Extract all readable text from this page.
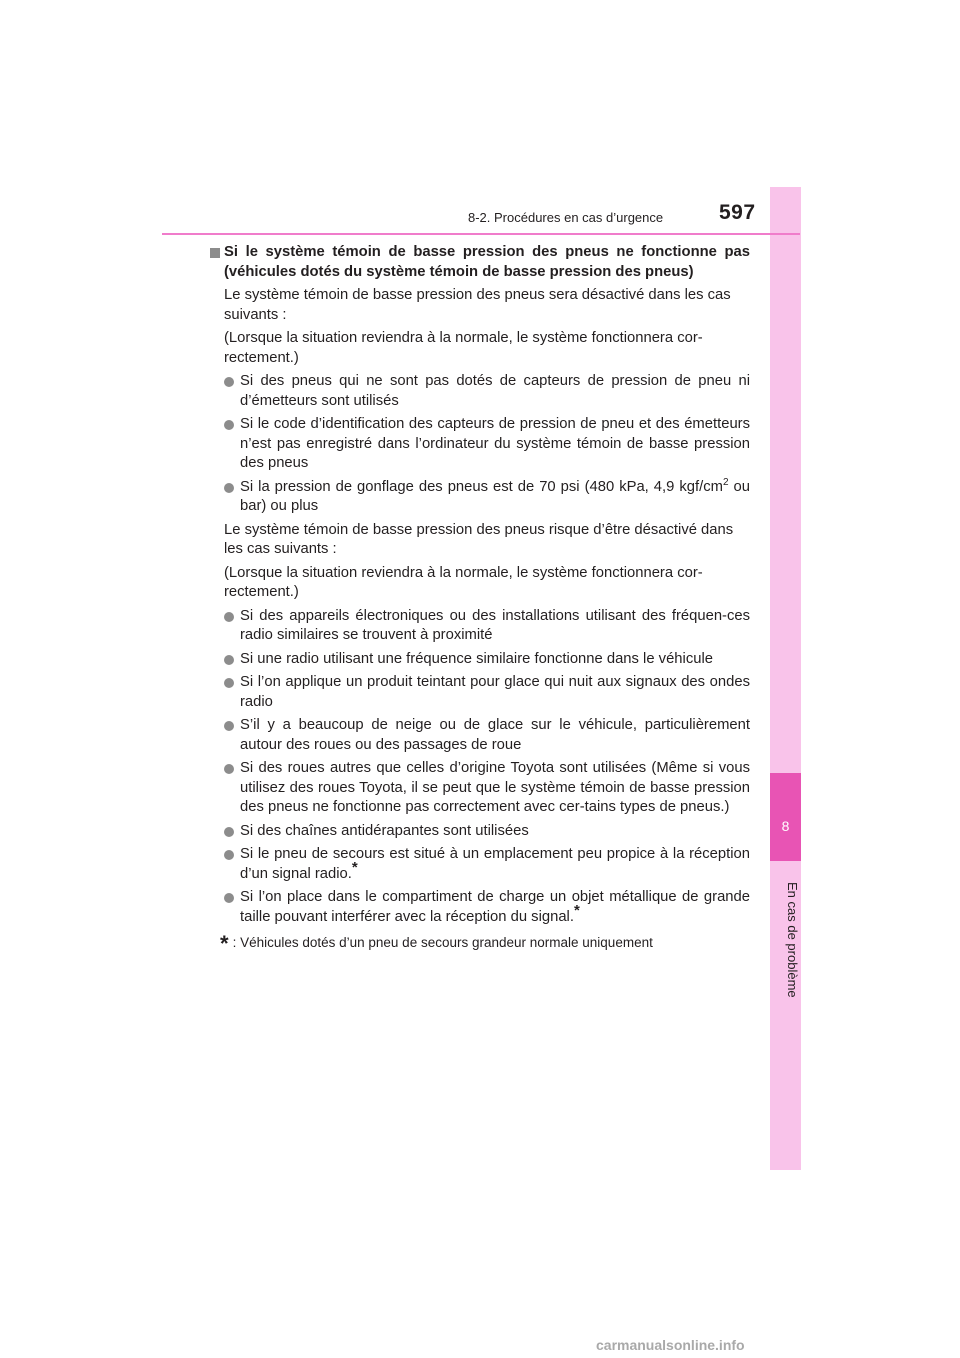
8
En cas de problème
8-2. Procédures en cas d’urgence	597
Si le système témoin de basse pression des pneus ne fonctionne pas (véhicules dotés du système témoin de basse pression des pneus)

Le système témoin de basse pression des pneus sera désactivé dans les cas suivants :

(Lorsque la situation reviendra à la normale, le système fonctionnera cor-rectement.)

Si des pneus qui ne sont pas dotés de capteurs de pression de pneu ni d’émetteurs sont utilisés
Si le code d’identification des capteurs de pression de pneu et des émetteurs n’est pas enregistré dans l’ordinateur du système témoin de basse pression des pneus
Si la pression de gonflage des pneus est de 70 psi (480 kPa, 4,9 kgf/$cm^2$ ou bar) ou plus

Le système témoin de basse pression des pneus risque d’être désactivé dans les cas suivants :

(Lorsque la situation reviendra à la normale, le système fonctionnera cor-rectement.)

Si des appareils électroniques ou des installations utilisant des fréquen-ces radio similaires se trouvent à proximité
Si une radio utilisant une fréquence similaire fonctionne dans le véhicule
Si l’on applique un produit teintant pour glace qui nuit aux signaux des ondes radio
S’il y a beaucoup de neige ou de glace sur le véhicule, particulièrement autour des roues ou des passages de roue
Si des roues autres que celles d’origine Toyota sont utilisées (Même si vous utilisez des roues Toyota, il se peut que le système témoin de basse pression des pneus ne fonctionne pas correctement avec cer-tains types de pneus.)
Si des chaînes antidérapantes sont utilisées
Si le pneu de secours est situé à un emplacement peu propice à la réception d’un signal radio.*
Si l’on place dans le compartiment de charge un objet métallique de grande taille pouvant interférer avec la réception du signal.*
* : Véhicules dotés d’un pneu de secours grandeur normale uniquement
carmanualsonline.info
